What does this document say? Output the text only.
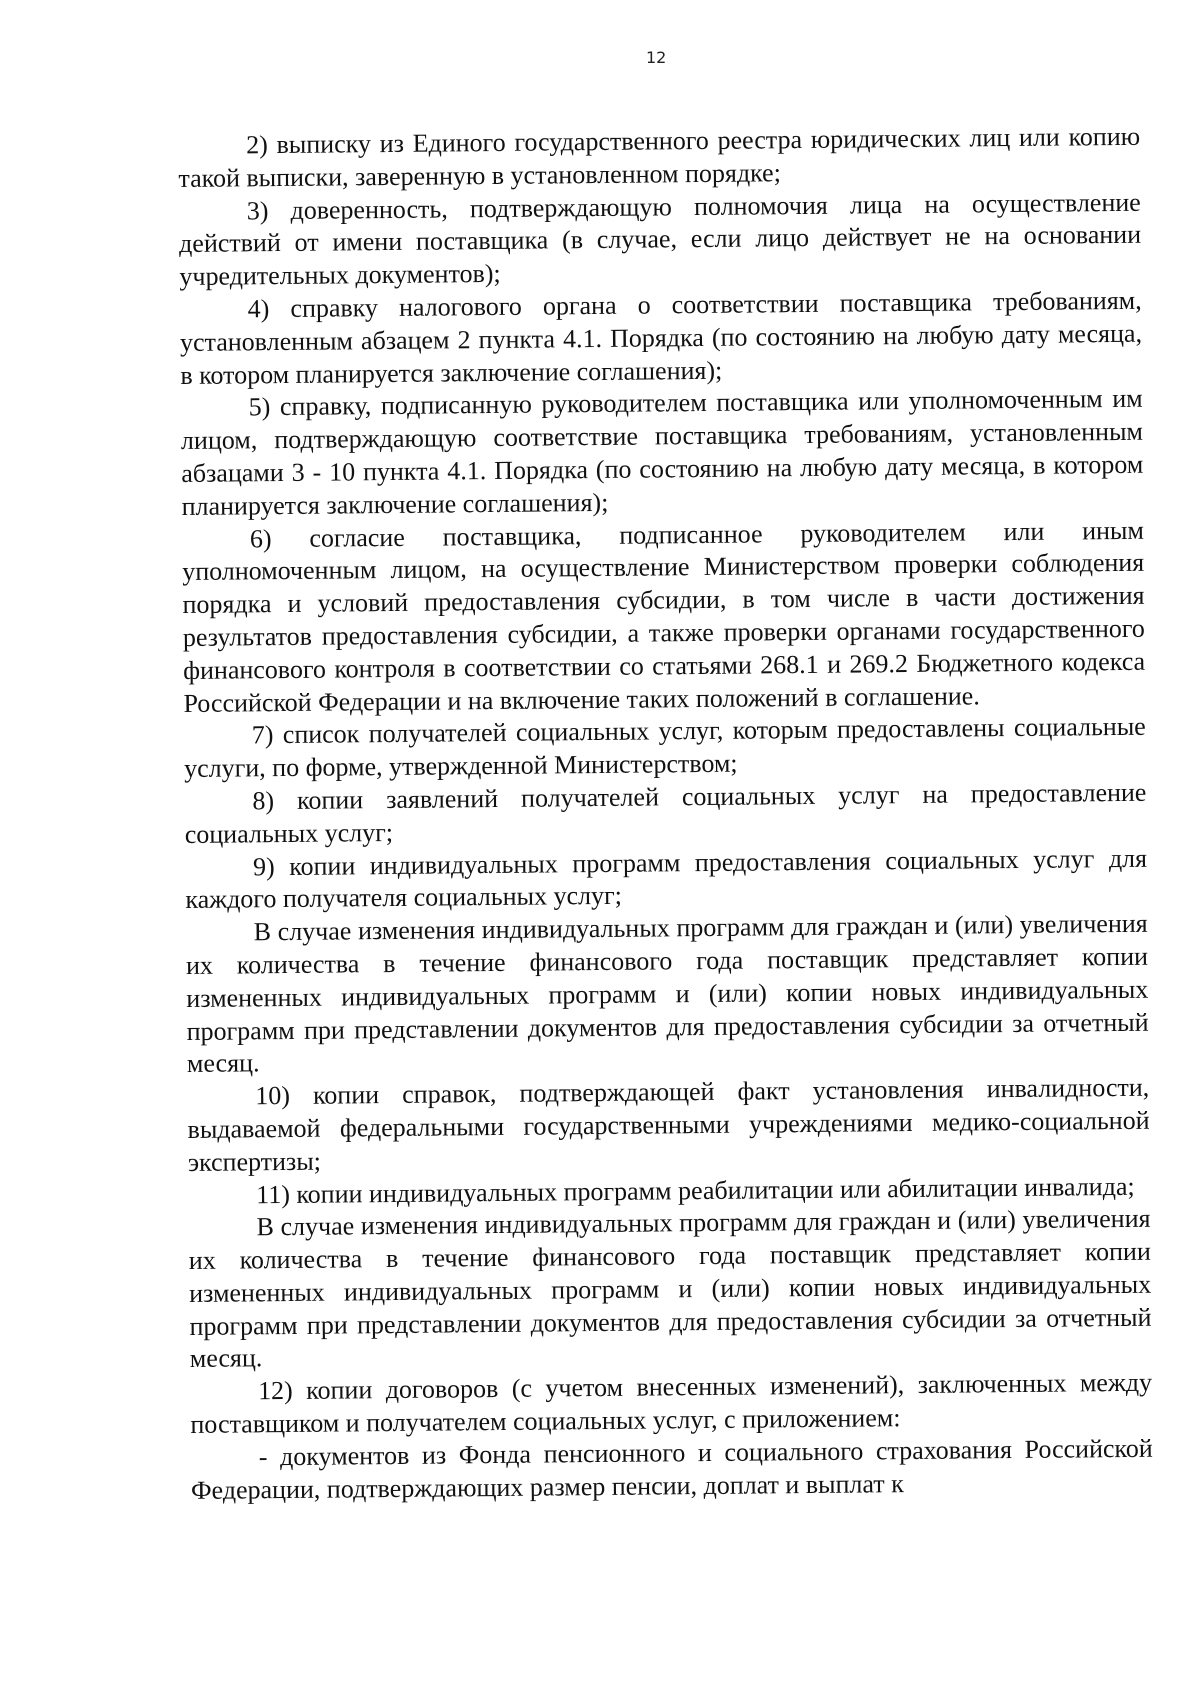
12

2) выписку из Единого государственного реестра юридических лиц или копию такой выписки, заверенную в установленном порядке;

3) доверенность, подтверждающую полномочия лица на осуществление действий от имени поставщика (в случае, если лицо действует не на основании учредительных документов);

4) справку налогового органа о соответствии поставщика требованиям, установленным абзацем 2 пункта 4.1. Порядка (по состоянию на любую дату месяца, в котором планируется заключение соглашения);

5) справку, подписанную руководителем поставщика или уполномоченным им лицом, подтверждающую соответствие поставщика требованиям, установленным абзацами 3 - 10 пункта 4.1. Порядка (по состоянию на любую дату месяца, в котором планируется заключение соглашения);

6) согласие поставщика, подписанное руководителем или иным уполномоченным лицом, на осуществление Министерством проверки соблюдения порядка и условий предоставления субсидии, в том числе в части достижения результатов предоставления субсидии, а также проверки органами государственного финансового контроля в соответствии со статьями 268.1 и 269.2 Бюджетного кодекса Российской Федерации и на включение таких положений в соглашение.

7) список получателей социальных услуг, которым предоставлены социальные услуги, по форме, утвержденной Министерством;

8) копии заявлений получателей социальных услуг на предоставление социальных услуг;

9) копии индивидуальных программ предоставления социальных услуг для каждого получателя социальных услуг;

В случае изменения индивидуальных программ для граждан и (или) увеличения их количества в течение финансового года поставщик представляет копии измененных индивидуальных программ и (или) копии новых индивидуальных программ при представлении документов для предоставления субсидии за отчетный месяц.

10) копии справок, подтверждающей факт установления инвалидности, выдаваемой федеральными государственными учреждениями медико-социальной экспертизы;

11) копии индивидуальных программ реабилитации или абилитации инвалида;

В случае изменения индивидуальных программ для граждан и (или) увеличения их количества в течение финансового года поставщик представляет копии измененных индивидуальных программ и (или) копии новых индивидуальных программ при представлении документов для предоставления субсидии за отчетный месяц.

12) копии договоров (с учетом внесенных изменений), заключенных между поставщиком и получателем социальных услуг, с приложением:

- документов из Фонда пенсионного и социального страхования Российской Федерации, подтверждающих размер пенсии, доплат и выплат к
